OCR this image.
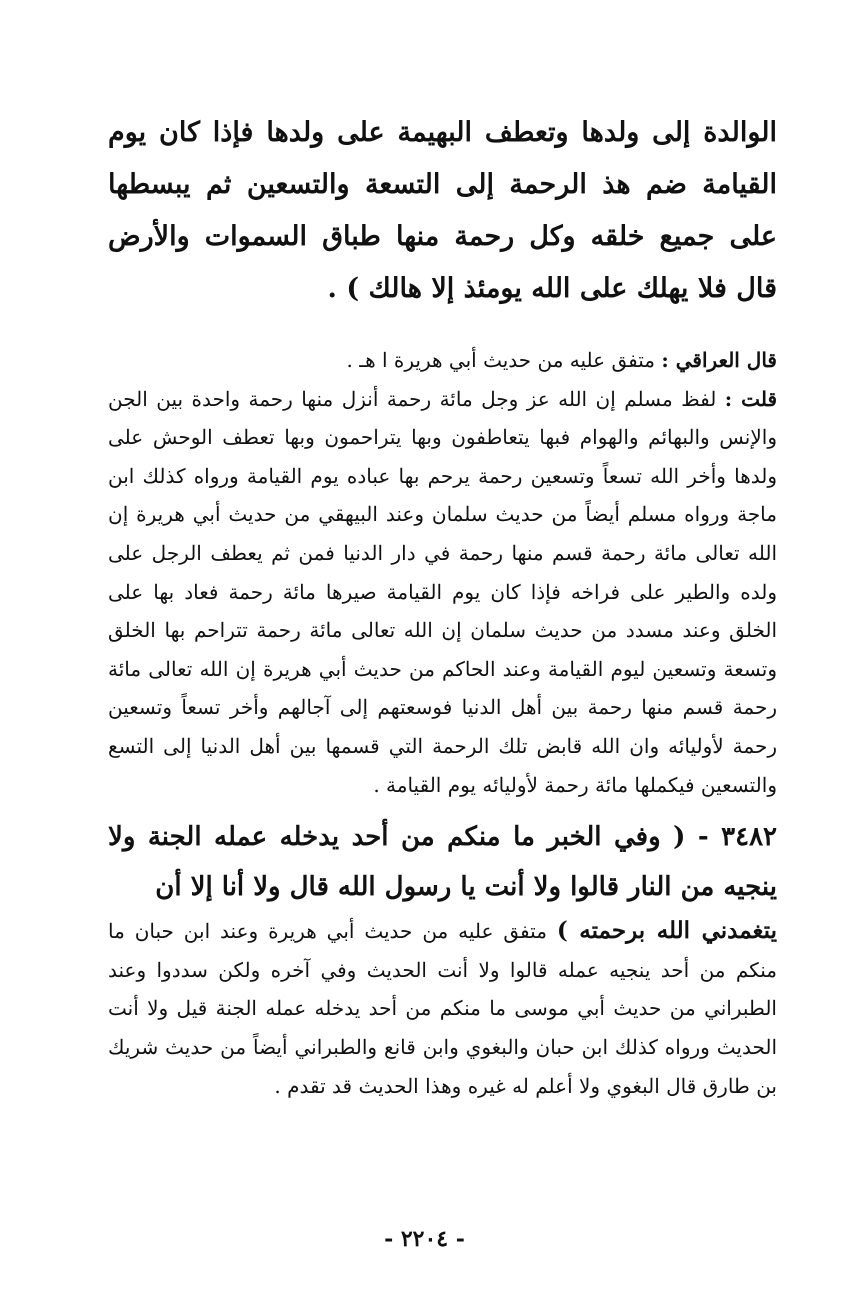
الوالدة إلى ولدها وتعطف البهيمة على ولدها فإذا كان يوم القيامة ضم هذ الرحمة إلى التسعة والتسعين ثم يبسطها على جميع خلقه وكل رحمة منها طباق السموات والأرض قال فلا يهلك على الله يومئذ إلا هالك ) .

قال العراقي : متفق عليه من حديث أبي هريرة ا هـ .

قلت : لفظ مسلم إن الله عز وجل مائة رحمة أنزل منها رحمة واحدة بين الجن والإنس والبهائم والهوام فبها يتعاطفون وبها يتراحمون وبها تعطف الوحش على ولدها وأخر الله تسعاً وتسعين رحمة يرحم بها عباده يوم القيامة ورواه كذلك ابن ماجة ورواه مسلم أيضاً من حديث سلمان وعند البيهقي من حديث أبي هريرة إن الله تعالى مائة رحمة قسم منها رحمة في دار الدنيا فمن ثم يعطف الرجل على ولده والطير على فراخه فإذا كان يوم القيامة صيرها مائة رحمة فعاد بها على الخلق وعند مسدد من حديث سلمان إن الله تعالى مائة رحمة تتراحم بها الخلق وتسعة وتسعين ليوم القيامة وعند الحاكم من حديث أبي هريرة إن الله تعالى مائة رحمة قسم منها رحمة بين أهل الدنيا فوسعتهم إلى آجالهم وأخر تسعاً وتسعين رحمة لأوليائه وان الله قابض تلك الرحمة التي قسمها بين أهل الدنيا إلى التسع والتسعين فيكملها مائة رحمة لأوليائه يوم القيامة .

٣٤٨٢ - ( وفي الخبر ما منكم من أحد يدخله عمله الجنة ولا ينجيه من النار قالوا ولا أنت يا رسول الله قال ولا أنا إلا أن

يتغمدني الله برحمته ) متفق عليه من حديث أبي هريرة وعند ابن حبان ما منكم من أحد ينجيه عمله قالوا ولا أنت الحديث وفي آخره ولكن سددوا وعند الطبراني من حديث أبي موسى ما منكم من أحد يدخله عمله الجنة قيل ولا أنت الحديث ورواه كذلك ابن حبان والبغوي وابن قانع والطبراني أيضاً من حديث شريك بن طارق قال البغوي ولا أعلم له غيره وهذا الحديث قد تقدم .

- ٢٢٠٤ -
